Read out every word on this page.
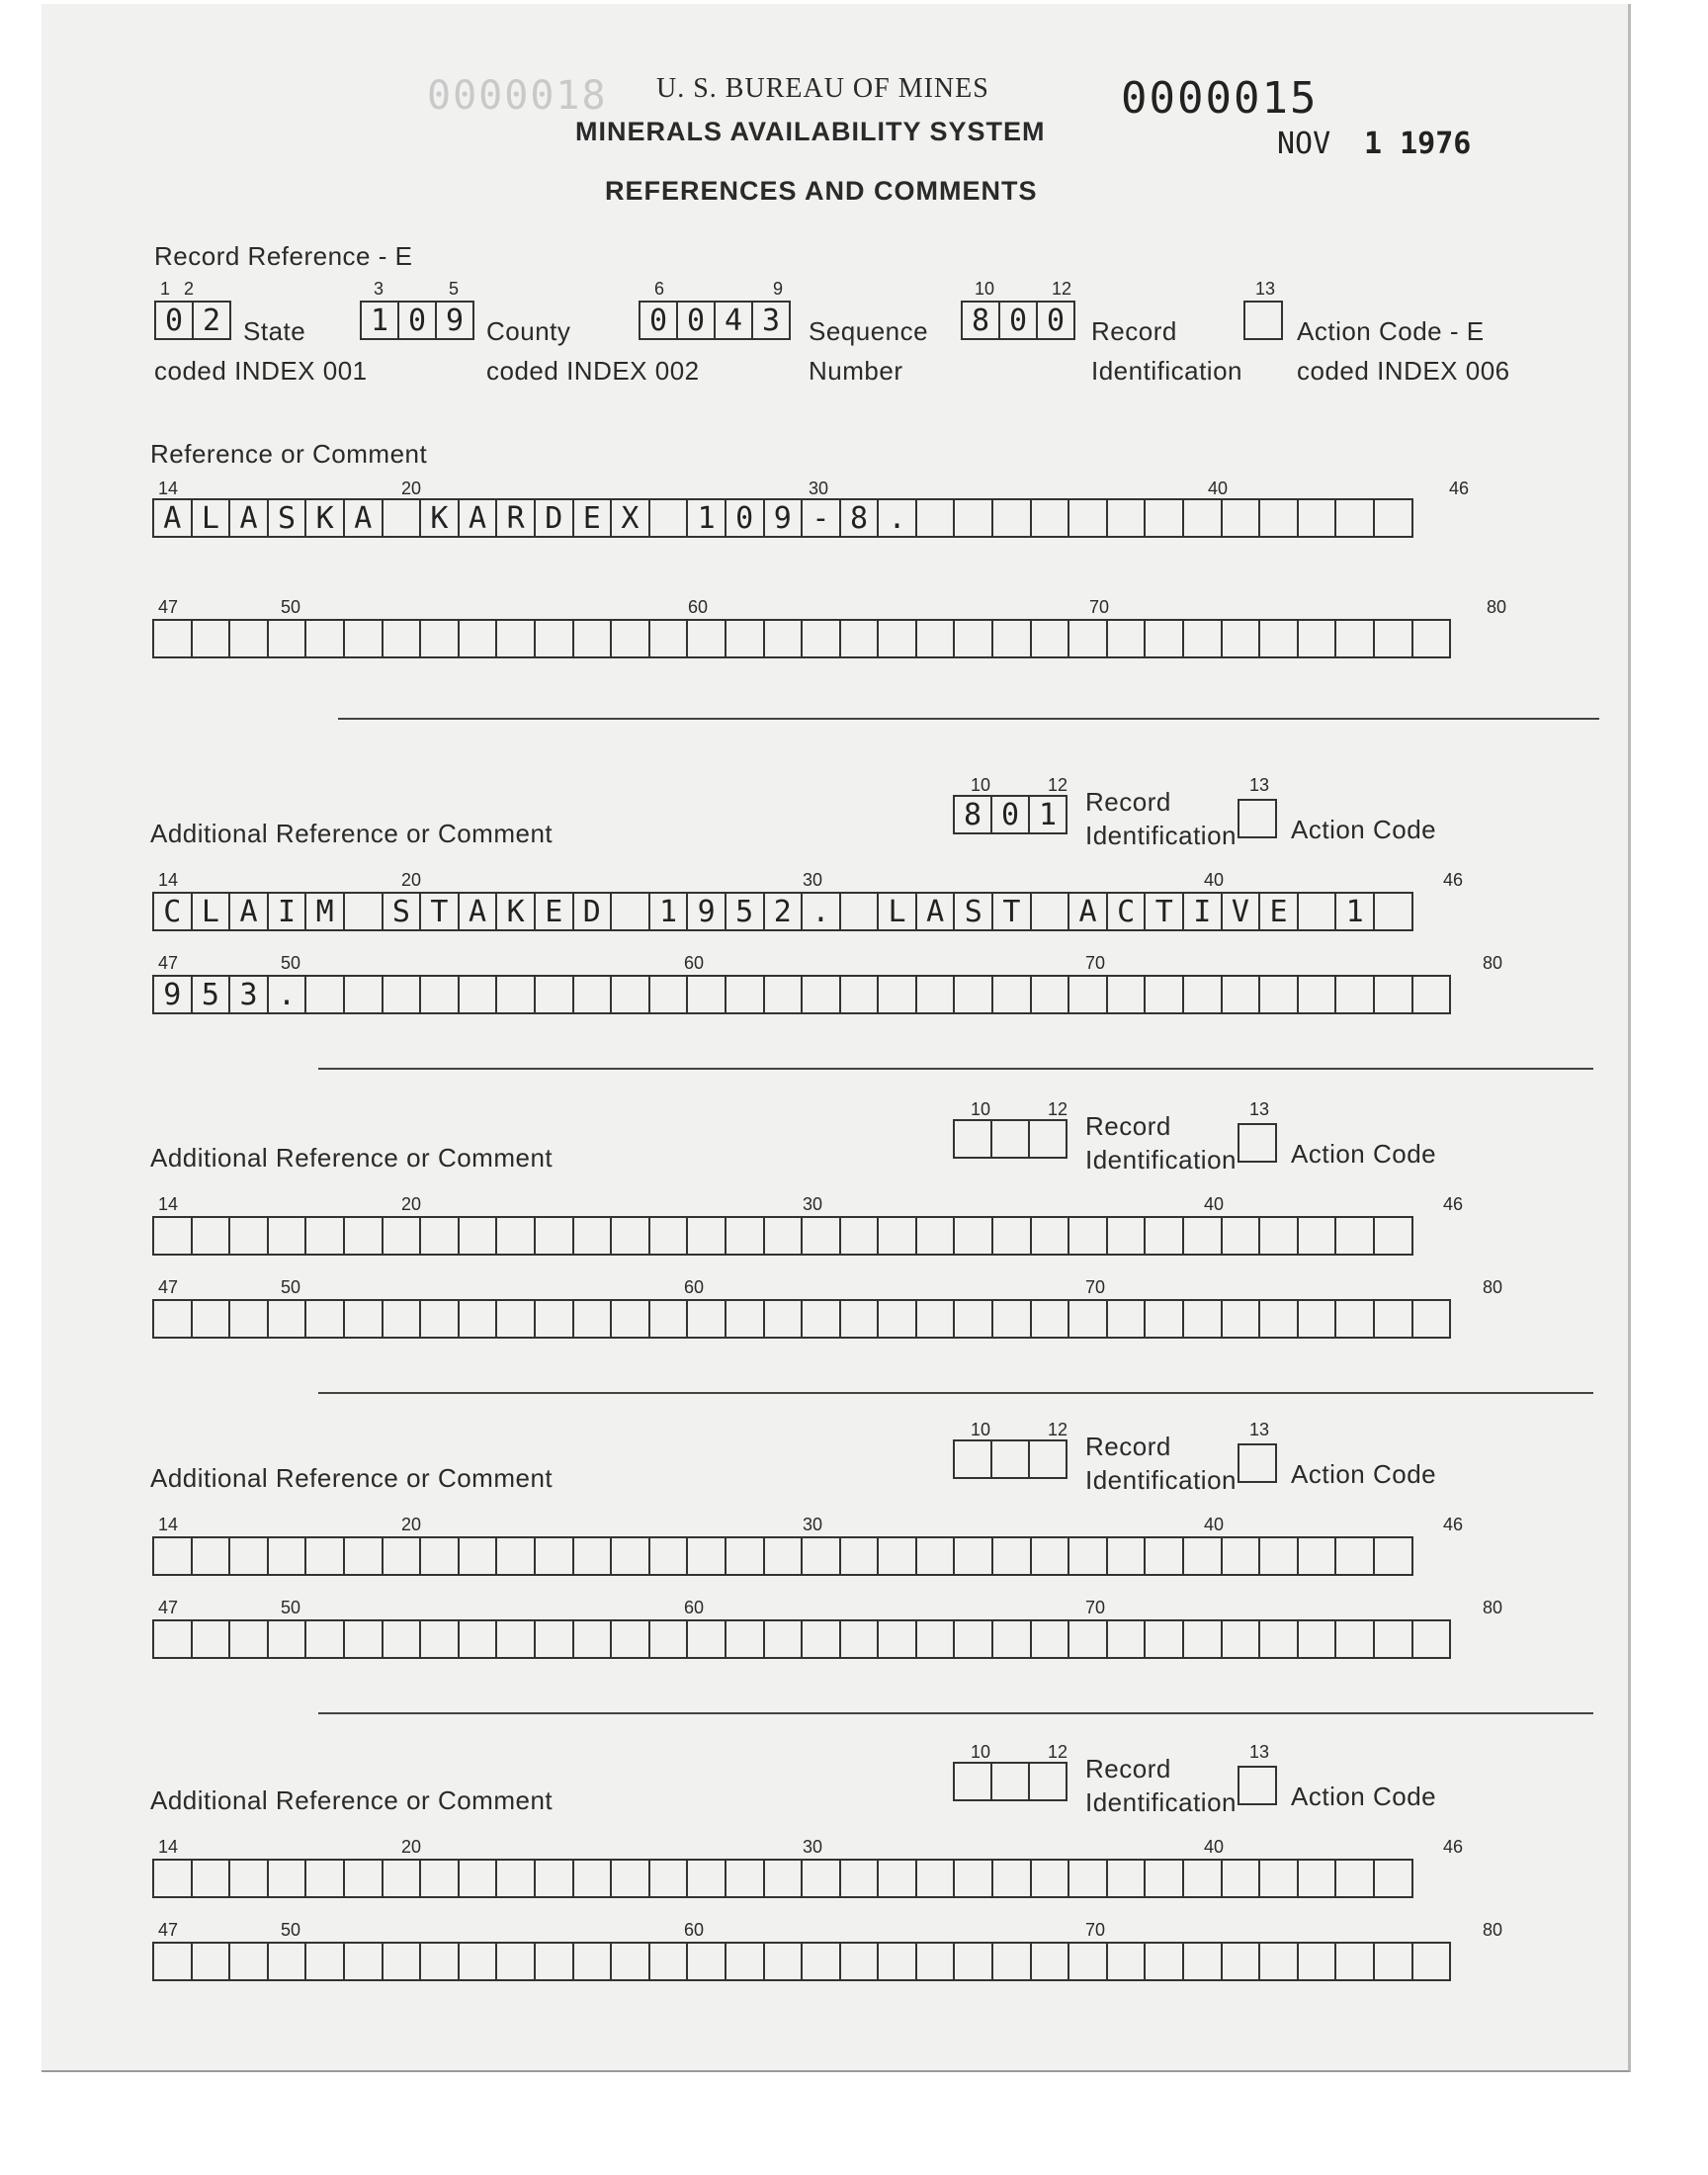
0000018 U. S. BUREAU OF MINES
MINERALS AVAILABILITY SYSTEM
REFERENCES AND COMMENTS
0000015
NOV 1 1976
Record Reference - E
1 2
0 2 State
coded INDEX 001
3	5
1 0 9 County
coded INDEX 002
6	9
0 0 4 3	Sequence
Number
10	12
8 0 0	Record
Identification
13
Action Code - E
coded INDEX 006
Reference or Comment
14	20	30	40	46
A L A S K A	K A R D E X	1 0 9 - 8 .
47	50	60	70	80
10	12
8 0 1	Record
Identification
13
Action Code
Additional Reference or Comment
14	20	30	40	46
C L A I M	S T A K E D	1 9 5 2 .	L A S T	A C T I V E	1
47	50	60	70	80
9 5 3 .
10	12
Record
Identification
13
Action Code
Additional Reference or Comment
14	20	30	40	46
47	50	60	70	80
10	12
Record
Identification
13
Action Code
Additional Reference or Comment
14	20	30	40	46
47	50	60	70	80
10	12
Record
Identification
13
Action Code
Additional Reference or Comment
14	20	30	40	46
47	50	60	70	80
